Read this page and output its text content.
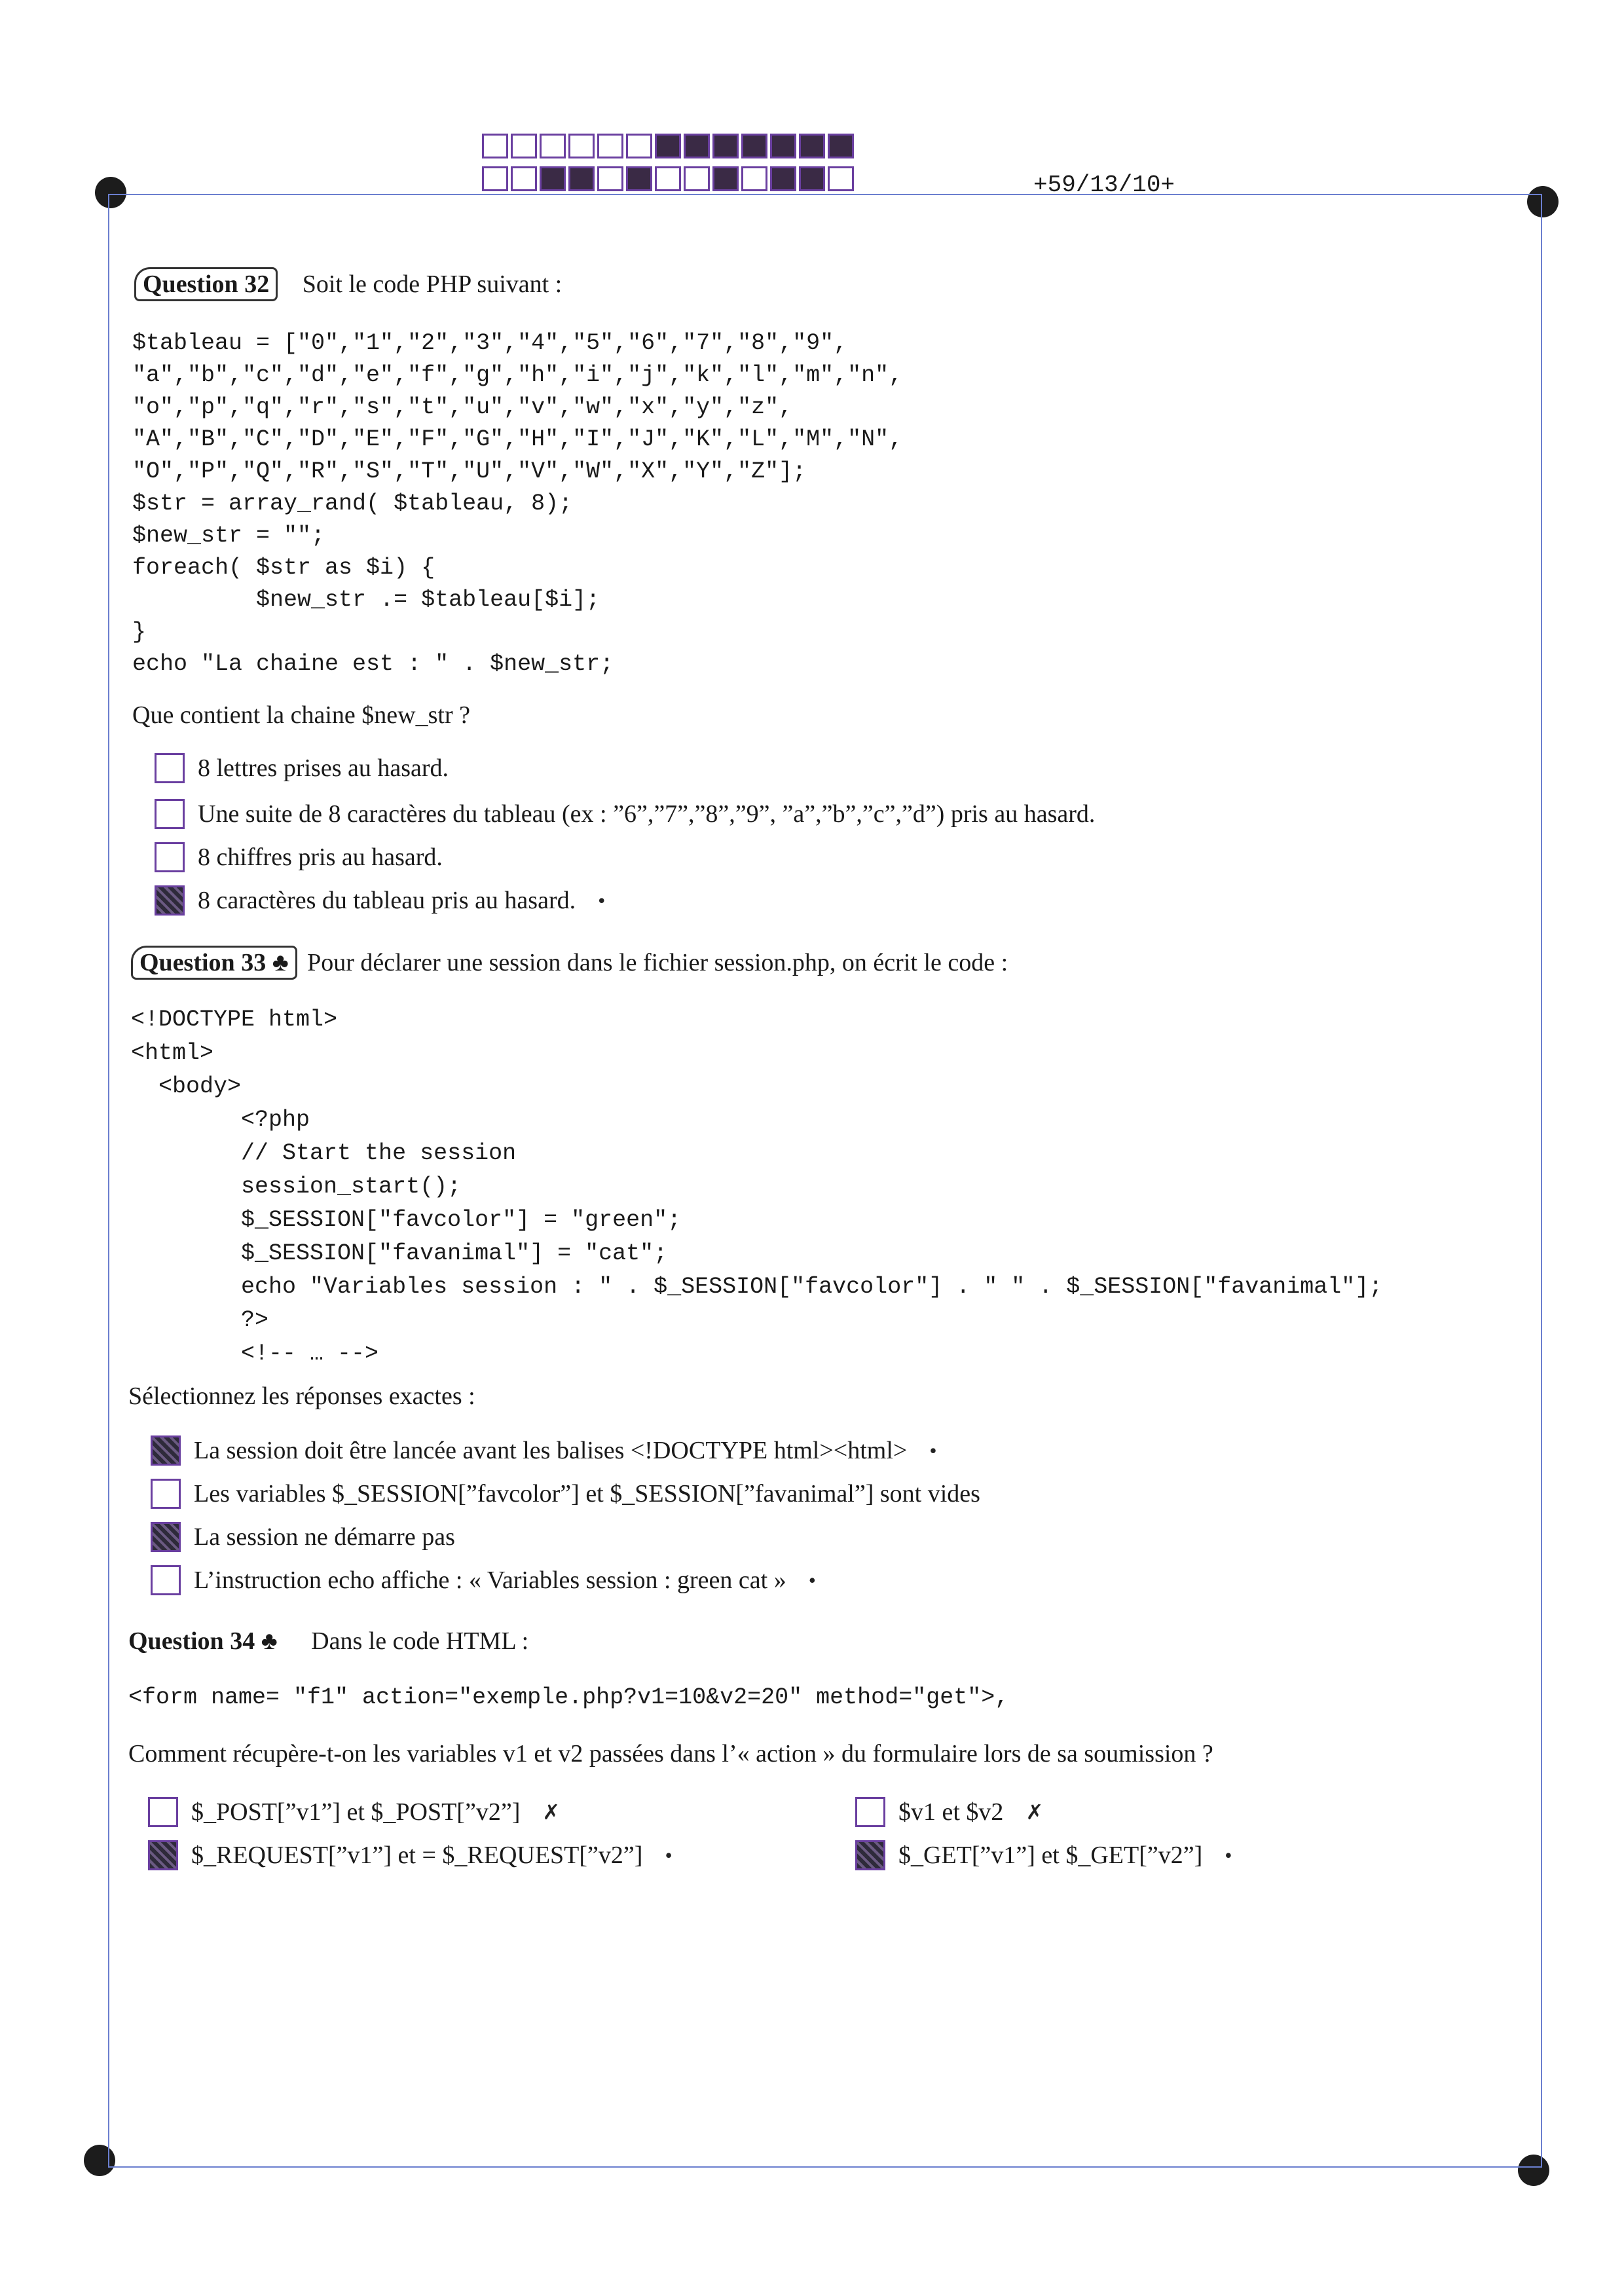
+59/13/10+
Question 32 Soit le code PHP suivant :
$tableau = ["0","1","2","3","4","5","6","7","8","9",
"a","b","c","d","e","f","g","h","i","j","k","l","m","n",
"o","p","q","r","s","t","u","v","w","x","y","z",
"A","B","C","D","E","F","G","H","I","J","K","L","M","N",
"O","P","Q","R","S","T","U","V","W","X","Y","Z"];
$str = array_rand( $tableau, 8);
$new_str = "";
foreach( $str as $i) {
$new_str .= $tableau[$i];
}
echo "La chaine est : " . $new_str;
Que contient la chaine $new_str ?
8 lettres prises au hasard.
Une suite de 8 caractères du tableau (ex : ”6”,”7”,”8”,”9”, ”a”,”b”,”c”,”d”) pris au hasard.
8 chiffres pris au hasard.
8 caractères du tableau pris au hasard. •
Question 33 ♣ Pour déclarer une session dans le fichier session.php, on écrit le code :
<!DOCTYPE html>
<html>
<body>
<?php
// Start the session
session_start();
$_SESSION["favcolor"] = "green";
$_SESSION["favanimal"] = "cat";
echo "Variables session : " . $_SESSION["favcolor"] . " " . $_SESSION["favanimal"];
?>
<!-- … -->
Sélectionnez les réponses exactes :
La session doit être lancée avant les balises <!DOCTYPE html><html> •
Les variables $_SESSION[”favcolor”] et $_SESSION[”favanimal”] sont vides
La session ne démarre pas
L’instruction echo affiche : « Variables session : green cat » •
Question 34 ♣ Dans le code HTML :
<form name= "f1" action="exemple.php?v1=10&v2=20" method="get">,
Comment récupère-t-on les variables v1 et v2 passées dans l’« action » du formulaire lors de sa soumission ?
$_POST[”v1”] et $_POST[”v2”] ✗	$v1 et $v2 ✗
$_REQUEST[”v1”] et = $_REQUEST[”v2”] •	$_GET[”v1”] et $_GET[”v2”] •
